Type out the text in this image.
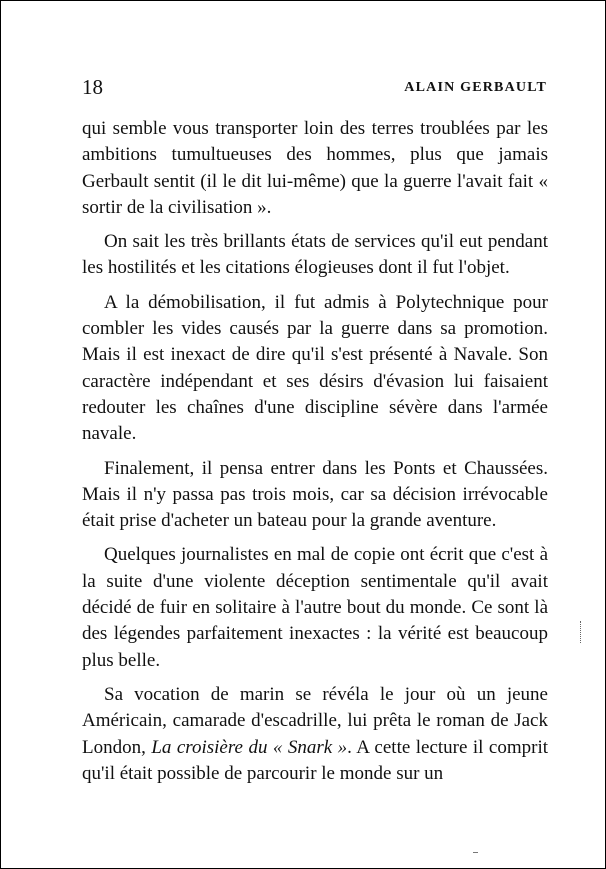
18	ALAIN GERBAULT

qui semble vous transporter loin des terres troublées par les ambitions tumultueuses des hommes, plus que jamais Gerbault sentit (il le dit lui-même) que la guerre l'avait fait « sortir de la civilisation ».

On sait les très brillants états de services qu'il eut pendant les hostilités et les citations élogieuses dont il fut l'objet.

A la démobilisation, il fut admis à Polytechnique pour combler les vides causés par la guerre dans sa promotion. Mais il est inexact de dire qu'il s'est présenté à Navale. Son caractère indépendant et ses désirs d'évasion lui faisaient redouter les chaînes d'une discipline sévère dans l'armée navale.

Finalement, il pensa entrer dans les Ponts et Chaussées. Mais il n'y passa pas trois mois, car sa décision irrévocable était prise d'acheter un bateau pour la grande aventure.

Quelques journalistes en mal de copie ont écrit que c'est à la suite d'une violente déception sentimentale qu'il avait décidé de fuir en solitaire à l'autre bout du monde. Ce sont là des légendes parfaitement inexactes : la vérité est beaucoup plus belle.

Sa vocation de marin se révéla le jour où un jeune Américain, camarade d'escadrille, lui prêta le roman de Jack London, La croisière du « Snark ». A cette lecture il comprit qu'il était possible de parcourir le monde sur un
